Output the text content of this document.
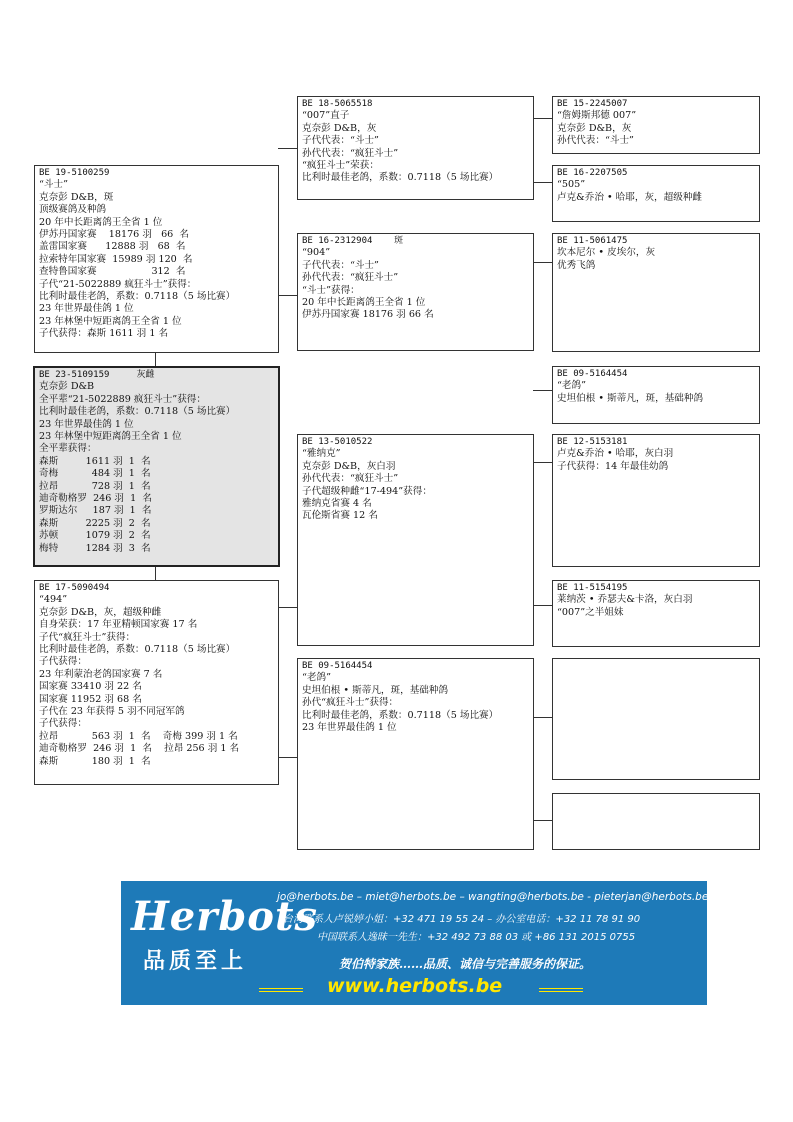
BE 19-5100259
“斗士”
克奈彭 D&B，斑
顶级赛鸽及种鸽
20 年中长距离鸽王全省 1 位
伊苏丹国家赛    18176 羽   66  名
盖雷国家赛      12888 羽   68  名
拉索特年国家赛  15989 羽 120  名
查特鲁国家赛                  312  名
子代“21-5022889 疯狂斗士”获得：
比利时最佳老鸽，系数：0.7118（5 场比赛）
23 年世界最佳鸽 1 位
23 年林堡中短距离鸽王全省 1 位
子代获得：森斯 1611 羽 1 名
BE 23-5109159     灰雌
克奈彭 D&B
全平辈“21-5022889 疯狂斗士”获得：
比利时最佳老鸽，系数：0.7118（5 场比赛）
23 年世界最佳鸽 1 位
23 年林堡中短距离鸽王全省 1 位
全平辈获得：
森斯         1611 羽  1  名
奇梅           484 羽  1  名
拉昂           728 羽  1  名
迪奇勒格罗  246 羽  1  名
罗斯达尔     187 羽  1  名
森斯         2225 羽  2  名
苏顿         1079 羽  2  名
梅特         1284 羽  3  名
BE 17-5090494
“494”
克奈彭 D&B，灰，超级种雌
自身荣获：17 年亚精顿国家赛 17 名
子代“疯狂斗士”获得：
比利时最佳老鸽，系数：0.7118（5 场比赛）
子代获得：
23 年利蒙治老鸽国家赛 7 名
国家赛 33410 羽 22 名
国家赛 11952 羽 68 名
子代在 23 年获得 5 羽不同冠军鸽
子代获得：
拉昂           563 羽  1  名    奇梅 399 羽 1 名
迪奇勒格罗  246 羽  1  名    拉昂 256 羽 1 名
森斯           180 羽  1  名
BE 18-5065518
“007”直子
克奈彭 D&B，灰
子代代表：“斗士”
孙代代表：“疯狂斗士”
“疯狂斗士”荣获：
比利时最佳老鸽，系数：0.7118（5 场比赛）
BE 16-2312904    斑
“904”
子代代表：“斗士”
孙代代表：“疯狂斗士”
“斗士”获得：
20 年中长距离鸽王全省 1 位
伊苏丹国家赛 18176 羽 66 名
BE 13-5010522
“雅纳克”
克奈彭 D&B，灰白羽
孙代代表：“疯狂斗士”
子代超级种雌“17-494”获得：
雅纳克省赛 4 名
瓦伦斯省赛 12 名
BE 09-5164454
“老鸽”
史坦伯根 • 斯蒂凡，斑，基础种鸽
孙代“疯狂斗士”获得：
比利时最佳老鸽，系数：0.7118（5 场比赛）
23 年世界最佳鸽 1 位
BE 15-2245007
“詹姆斯邦德 007”
克奈彭 D&B，灰
孙代代表：“斗士”
BE 16-2207505
“505”
卢克&乔治 • 哈耶，灰，超级种雌
BE 11-5061475
坎本尼尔 • 皮埃尔，灰
优秀飞鸽
BE 09-5164454
“老鸽”
史坦伯根 • 斯蒂凡，斑，基础种鸽
BE 12-5153181
卢克&乔治 • 哈耶，灰白羽
子代获得：14 年最佳幼鸽
BE 11-5154195
莱纳茨 • 乔瑟夫&卡洛，灰白羽
“007”之半姐妹
Herbots
品质至上
jo@herbots.be – miet@herbots.be – wangting@herbots.be - pieterjan@herbots.be
台湾联系人卢锐婷小姐：+32 471 19 55 24 – 办公室电话：+32 11 78 91 90
中国联系人逸昧一先生：+32 492 73 88 03 或 +86 131 2015 0755
贺伯特家族……品质、诚信与完善服务的保证。
www.herbots.be
